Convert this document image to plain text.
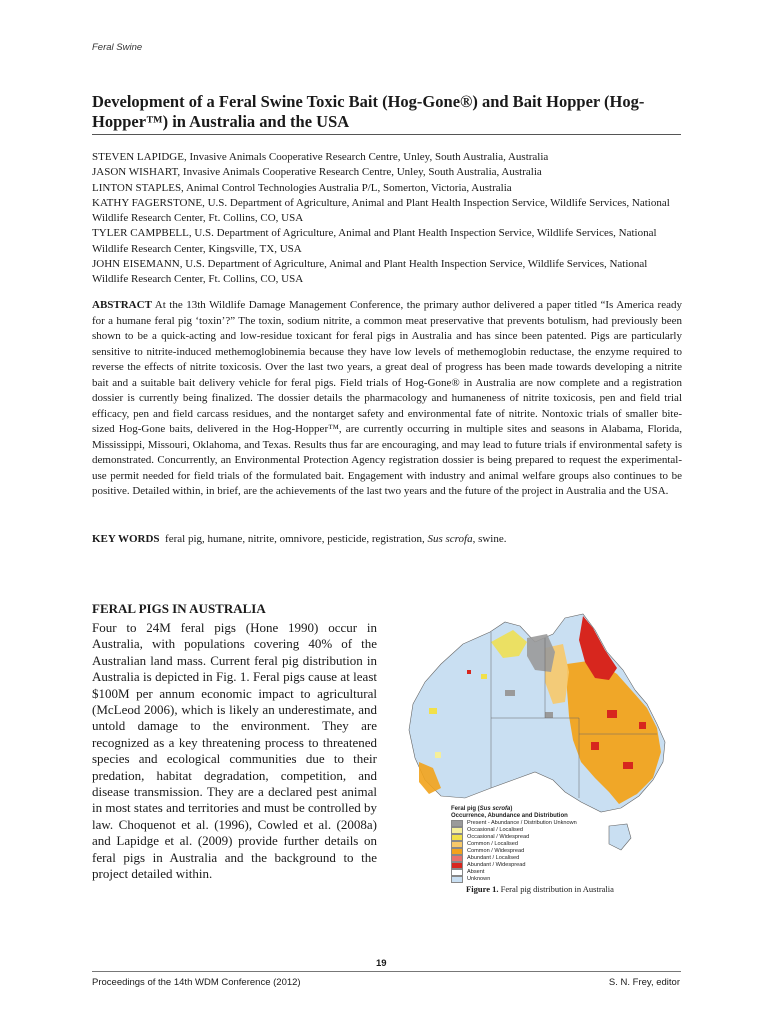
Feral Swine
Development of a Feral Swine Toxic Bait (Hog-Gone®) and Bait Hopper (Hog-Hopper™) in Australia and the USA
STEVEN LAPIDGE, Invasive Animals Cooperative Research Centre, Unley, South Australia, Australia
JASON WISHART, Invasive Animals Cooperative Research Centre, Unley, South Australia, Australia
LINTON STAPLES, Animal Control Technologies Australia P/L, Somerton, Victoria, Australia
KATHY FAGERSTONE, U.S. Department of Agriculture, Animal and Plant Health Inspection Service, Wildlife Services, National Wildlife Research Center, Ft. Collins, CO, USA
TYLER CAMPBELL, U.S. Department of Agriculture, Animal and Plant Health Inspection Service, Wildlife Services, National Wildlife Research Center, Kingsville, TX, USA
JOHN EISEMANN, U.S. Department of Agriculture, Animal and Plant Health Inspection Service, Wildlife Services, National Wildlife Research Center, Ft. Collins, CO, USA

ABSTRACT At the 13th Wildlife Damage Management Conference, the primary author delivered a paper titled “Is America ready for a humane feral pig ‘toxin’?” The toxin, sodium nitrite, a common meat preservative that prevents botulism, had previously been shown to be a quick-acting and low-residue toxicant for feral pigs in Australia and has since been patented. Pigs are particularly sensitive to nitrite-induced methemoglobinemia because they have low levels of methemoglobin reductase, the enzyme required to reverse the effects of nitrite toxicosis. Over the last two years, a great deal of progress has been made towards developing a nitrite bait and a suitable bait delivery vehicle for feral pigs. Field trials of Hog-Gone® in Australia are now complete and a registration dossier is currently being finalized. The dossier details the pharmacology and humaneness of nitrite toxicosis, pen and field trial efficacy, pen and field carcass residues, and the nontarget safety and environmental fate of nitrite. Nontoxic trials of smaller bite-sized Hog-Gone baits, delivered in the Hog-Hopper™, are currently occurring in multiple sites and seasons in Alabama, Florida, Mississippi, Missouri, Oklahoma, and Texas. Results thus far are encouraging, and may lead to future trials if environmental safety is demonstrated. Concurrently, an Environmental Protection Agency registration dossier is being prepared to request the experimental-use permit needed for field trials of the formulated bait. Engagement with industry and animal welfare groups also continues to be positive. Detailed within, in brief, are the achievements of the last two years and the future of the project in Australia and the USA.

KEY WORDS feral pig, humane, nitrite, omnivore, pesticide, registration, Sus scrofa, swine.

FERAL PIGS IN AUSTRALIA

Four to 24M feral pigs (Hone 1990) occur in Australia, with populations covering 40% of the Australian land mass. Current feral pig distribution in Australia is depicted in Fig. 1. Feral pigs cause at least $100M per annum economic impact to agricultural (McLeod 2006), which is likely an underestimate, and untold damage to the environment. They are recognized as a key threatening process to threatened species and ecological communities due to their predation, habitat degradation, competition, and disease transmission. They are a declared pest animal in most states and territories and must be controlled by law. Choquenot et al. (1996), Cowled et al. (2008a) and Lapidge et al. (2009) provide further details on feral pigs in Australia and the background to the project detailed within.

Feral pig (Sus scrofa)
Occurrence, Abundance and Distribution
Present - Abundance / Distribution Unknown
Occasional / Localised
Occasional / Widespread
Common / Localised
Common / Widespread
Abundant / Localised
Abundant / Widespread
Absent
Unknown

Figure 1. Feral pig distribution in Australia

19
Proceedings of the 14th WDM Conference (2012)	S. N. Frey, editor
